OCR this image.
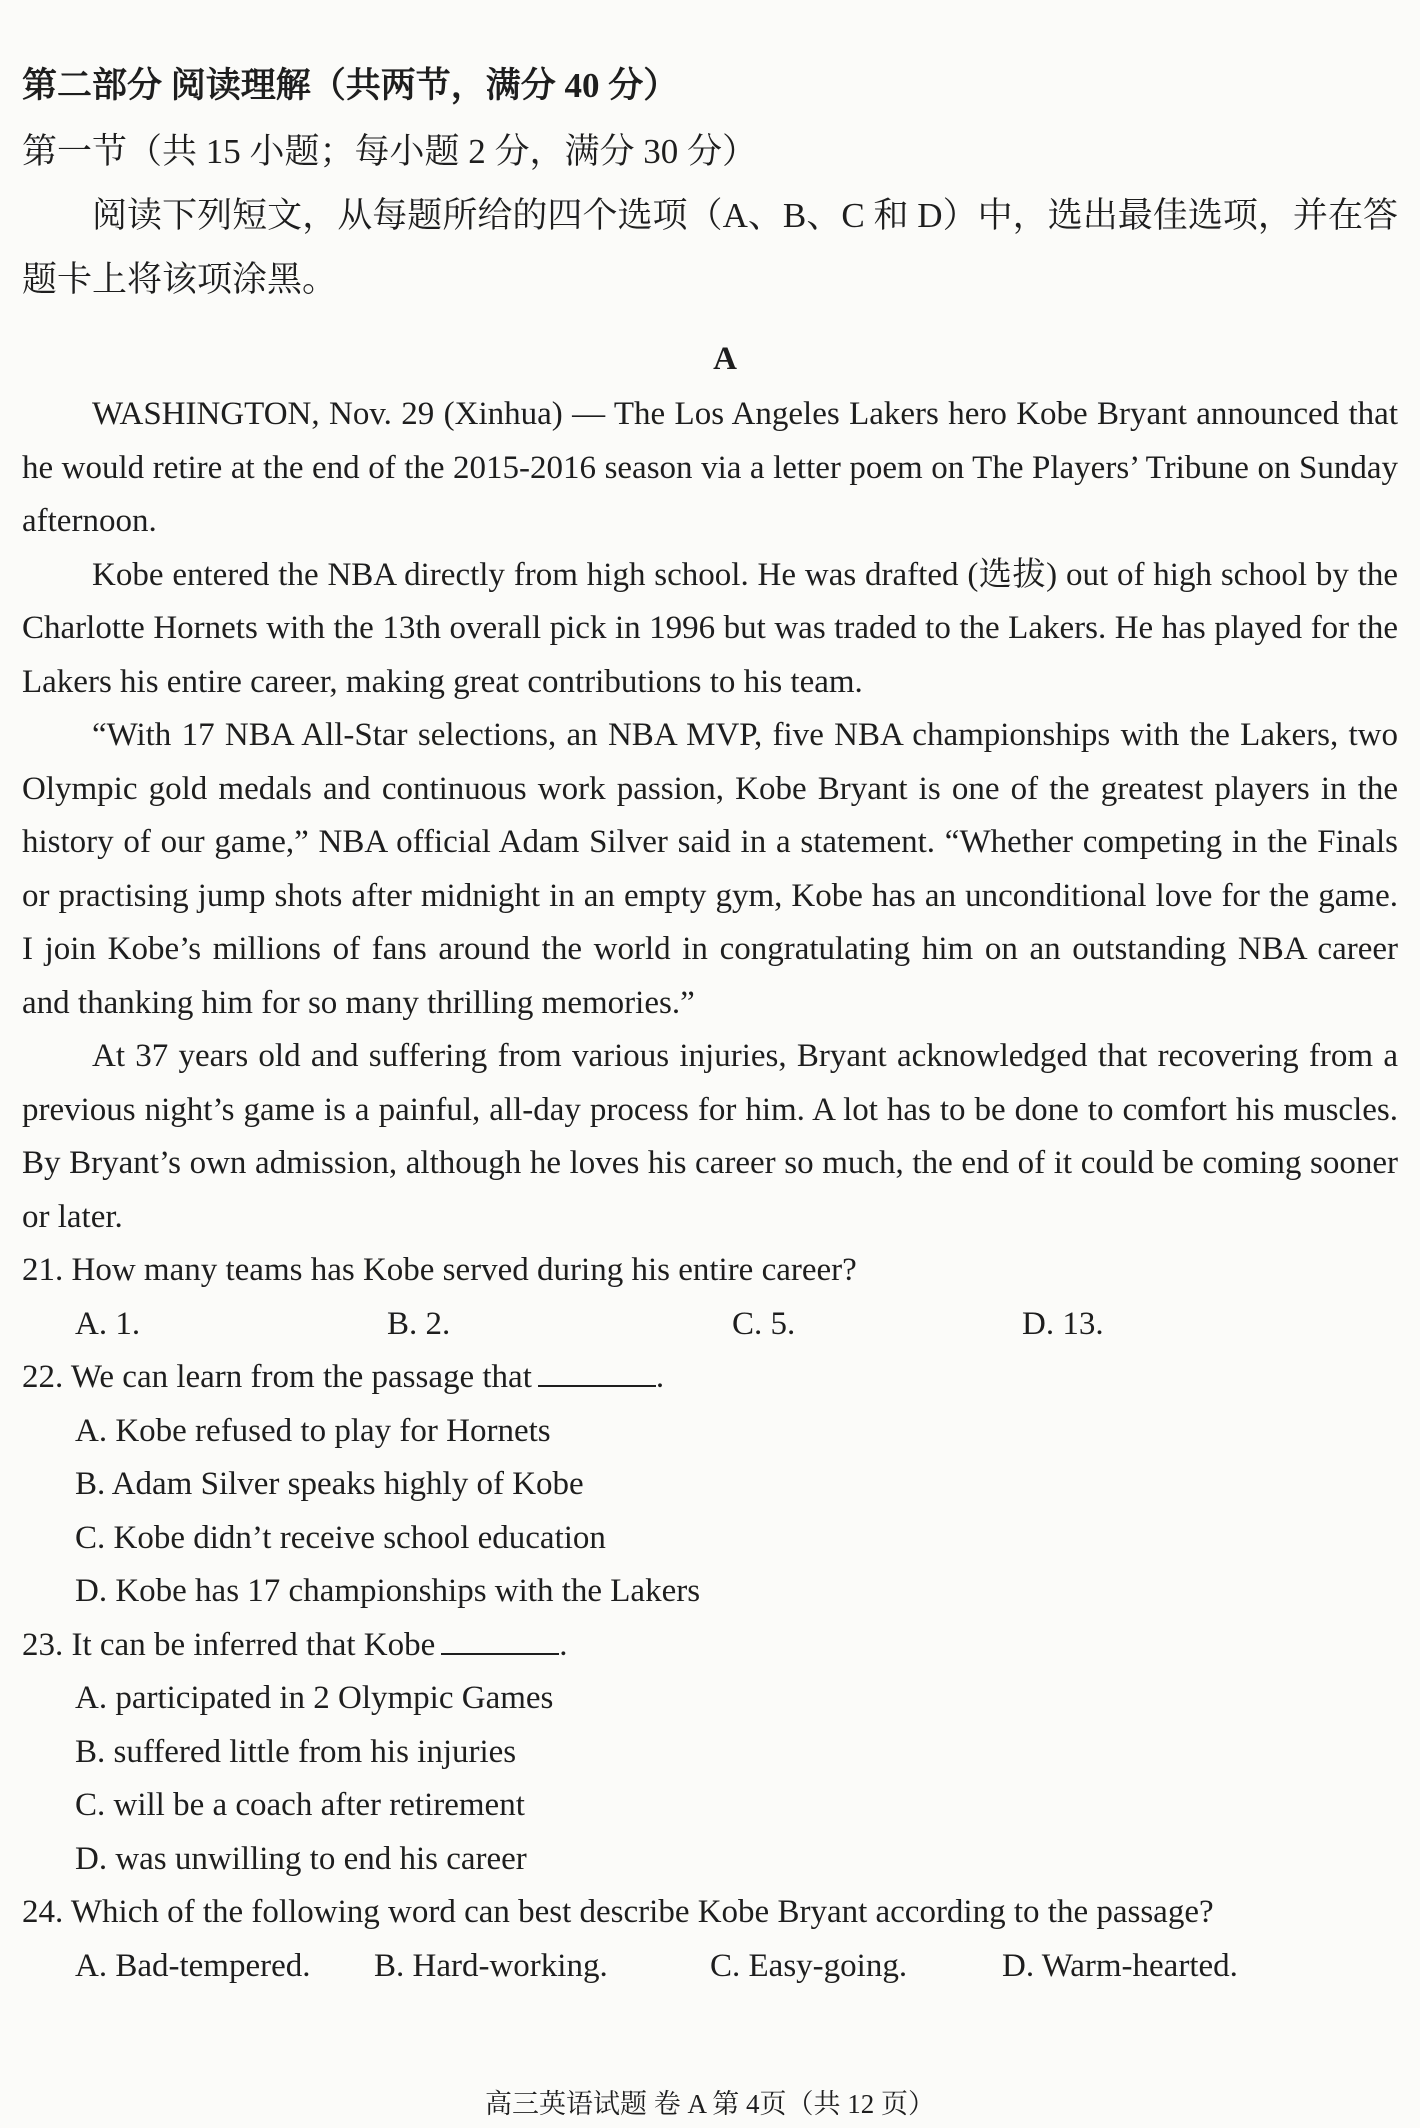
第二部分 阅读理解（共两节，满分 40 分）
第一节（共 15 小题；每小题 2 分，满分 30 分）
阅读下列短文，从每题所给的四个选项（A、B、C 和 D）中，选出最佳选项，并在答题卡上将该项涂黑。
A

WASHINGTON, Nov. 29 (Xinhua) — The Los Angeles Lakers hero Kobe Bryant announced that he would retire at the end of the 2015-2016 season via a letter poem on The Players’ Tribune on Sunday afternoon.

Kobe entered the NBA directly from high school. He was drafted (选拔) out of high school by the Charlotte Hornets with the 13th overall pick in 1996 but was traded to the Lakers. He has played for the Lakers his entire career, making great contributions to his team.

“With 17 NBA All-Star selections, an NBA MVP, five NBA championships with the Lakers, two Olympic gold medals and continuous work passion, Kobe Bryant is one of the greatest players in the history of our game,” NBA official Adam Silver said in a statement. “Whether competing in the Finals or practising jump shots after midnight in an empty gym, Kobe has an unconditional love for the game. I join Kobe’s millions of fans around the world in congratulating him on an outstanding NBA career and thanking him for so many thrilling memories.”

At 37 years old and suffering from various injuries, Bryant acknowledged that recovering from a previous night’s game is a painful, all-day process for him. A lot has to be done to comfort his muscles. By Bryant’s own admission, although he loves his career so much, the end of it could be coming sooner or later.

21. How many teams has Kobe served during his entire career?
A. 1.	B. 2.	C. 5.	D. 13.
22. We can learn from the passage that	.
A. Kobe refused to play for Hornets
B. Adam Silver speaks highly of Kobe
C. Kobe didn’t receive school education
D. Kobe has 17 championships with the Lakers
23. It can be inferred that Kobe	.
A. participated in 2 Olympic Games
B. suffered little from his injuries
C. will be a coach after retirement
D. was unwilling to end his career
24. Which of the following word can best describe Kobe Bryant according to the passage?
A. Bad-tempered. B. Hard-working.	C. Easy-going.	D. Warm-hearted.
高三英语试题 卷 A 第 4页（共 12 页）
